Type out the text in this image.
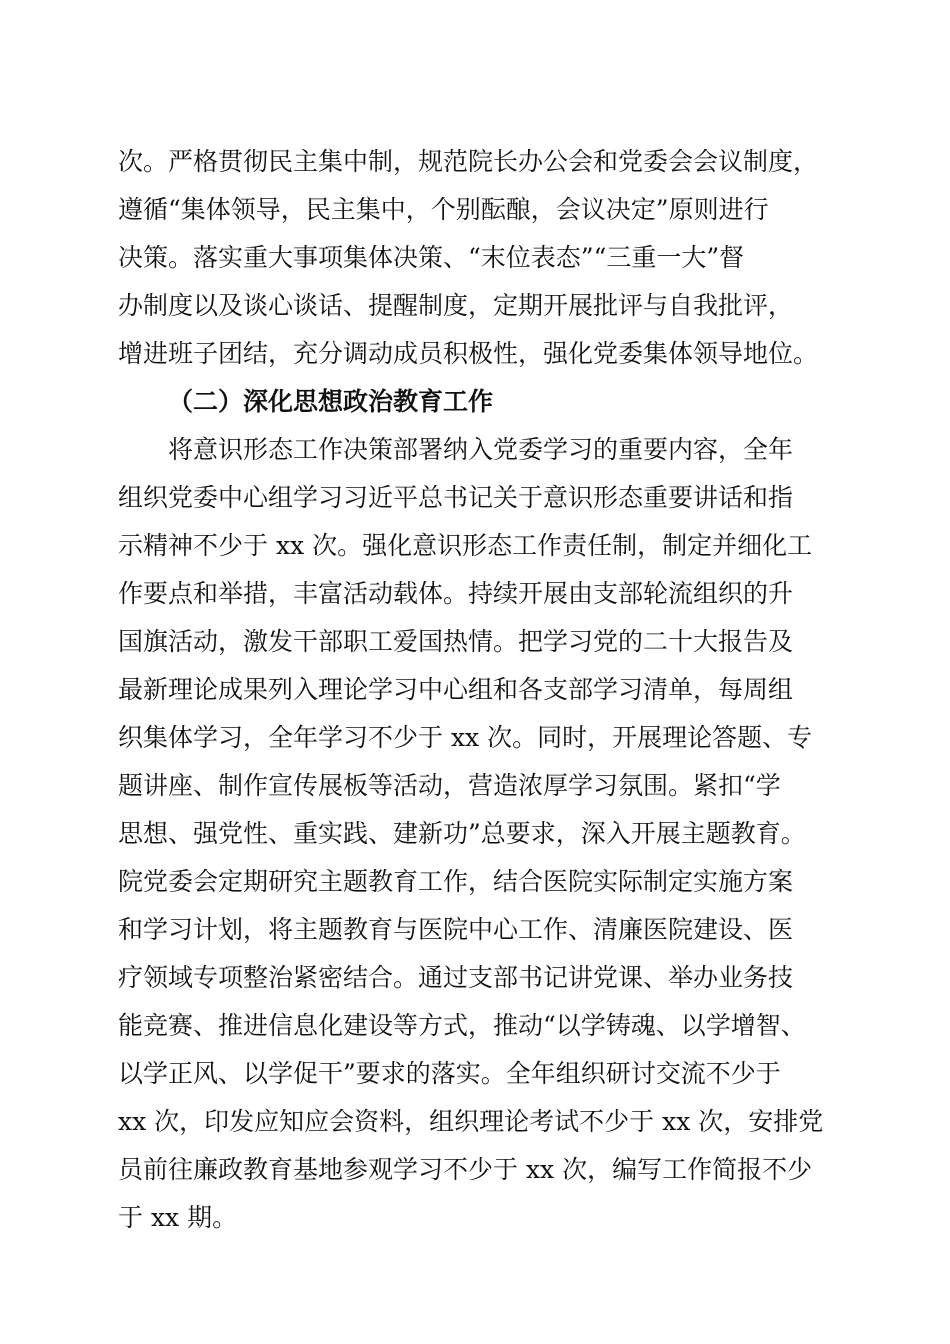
次。严格贯彻民主集中制，规范院长办公会和党委会会议制度，
遵循“集体领导，民主集中，个别酝酿，会议决定”原则进行
决策。落实重大事项集体决策、“末位表态”“三重一大”督
办制度以及谈心谈话、提醒制度，定期开展批评与自我批评，
增进班子团结，充分调动成员积极性，强化党委集体领导地位。
（二）深化思想政治教育工作
将意识形态工作决策部署纳入党委学习的重要内容，全年
组织党委中心组学习习近平总书记关于意识形态重要讲话和指
示精神不少于 xx 次。强化意识形态工作责任制，制定并细化工
作要点和举措，丰富活动载体。持续开展由支部轮流组织的升
国旗活动，激发干部职工爱国热情。把学习党的二十大报告及
最新理论成果列入理论学习中心组和各支部学习清单，每周组
织集体学习，全年学习不少于 xx 次。同时，开展理论答题、专
题讲座、制作宣传展板等活动，营造浓厚学习氛围。紧扣“学
思想、强党性、重实践、建新功”总要求，深入开展主题教育。
院党委会定期研究主题教育工作，结合医院实际制定实施方案
和学习计划，将主题教育与医院中心工作、清廉医院建设、医
疗领域专项整治紧密结合。通过支部书记讲党课、举办业务技
能竞赛、推进信息化建设等方式，推动“以学铸魂、以学增智、
以学正风、以学促干”要求的落实。全年组织研讨交流不少于
xx 次，印发应知应会资料，组织理论考试不少于 xx 次，安排党
员前往廉政教育基地参观学习不少于 xx 次，编写工作简报不少
于 xx 期。
